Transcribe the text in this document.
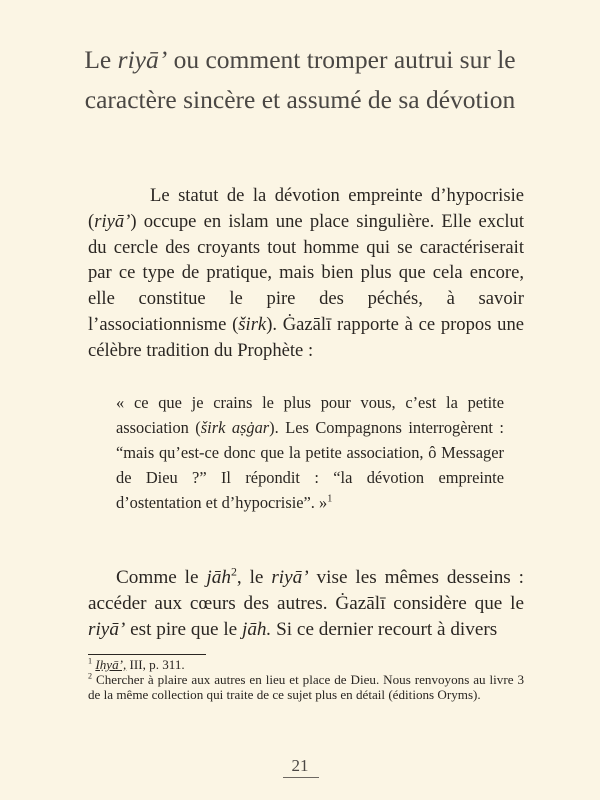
Le riyā’ ou comment tromper autrui sur le caractère sincère et assumé de sa dévotion

Le statut de la dévotion empreinte d’hypocrisie (riyā’) occupe en islam une place singulière. Elle exclut du cercle des croyants tout homme qui se caractériserait par ce type de pratique, mais bien plus que cela encore, elle constitue le pire des péchés, à savoir l’associationnisme (širk). Ġazālī rapporte à ce propos une célèbre tradition du Prophète :

« ce que je crains le plus pour vous, c’est la petite association (širk aṣġar). Les Compagnons interrogèrent : “mais qu’est-ce donc que la petite association, ô Messager de Dieu ?” Il répondit : “la dévotion empreinte d’ostentation et d’hypocrisie”. »$^1$

Comme le jāh$^2$, le riyā’ vise les mêmes desseins : accéder aux cœurs des autres. Ġazālī considère que le riyā’ est pire que le jāh. Si ce dernier recourt à divers

$^1$ Iḥyā’, III, p. 311.

$^2$ Chercher à plaire aux autres en lieu et place de Dieu. Nous renvoyons au livre 3 de la même collection qui traite de ce sujet plus en détail (éditions Oryms).

21
